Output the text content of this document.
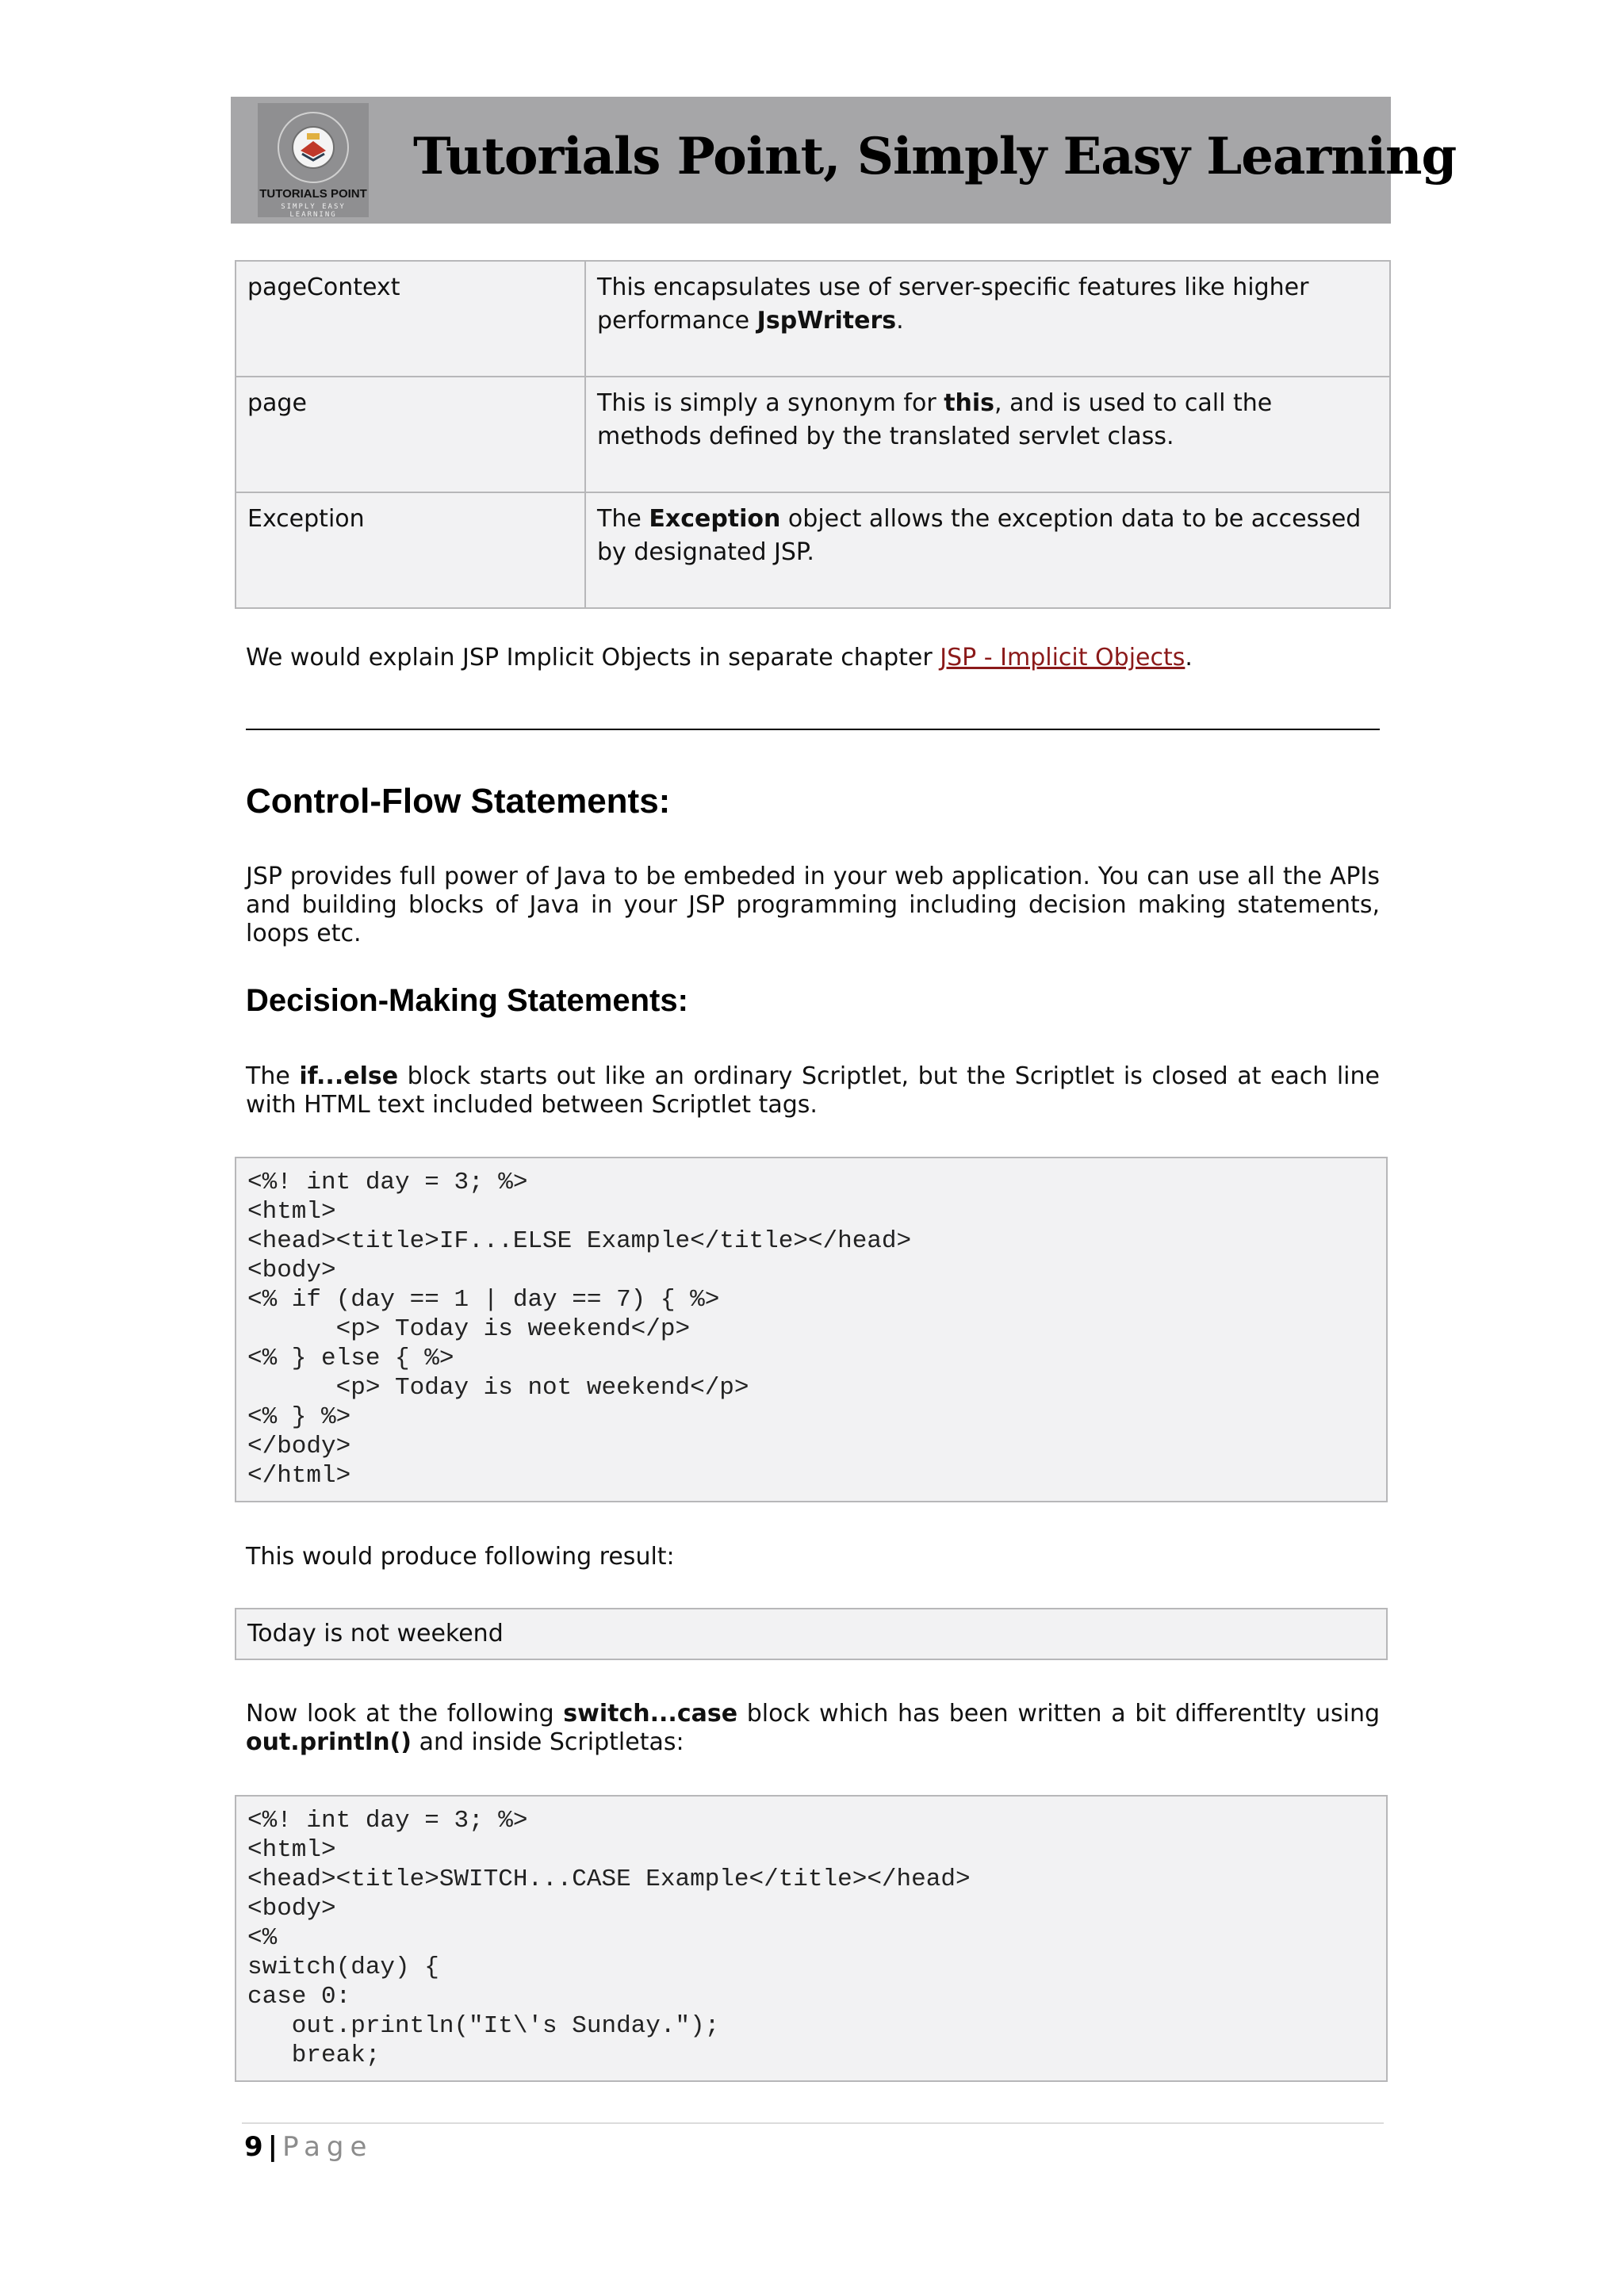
TUTORIALS POINT
SIMPLY EASY LEARNING
Tutorials Point, Simply Easy Learning
pageContext	This encapsulates use of server-specific features like higher performance JspWriters.
page	This is simply a synonym for this, and is used to call the methods defined by the translated servlet class.
Exception	The Exception object allows the exception data to be accessed by designated JSP.
We would explain JSP Implicit Objects in separate chapter JSP - Implicit Objects.
Control-Flow Statements:
JSP provides full power of Java to be embeded in your web application. You can use all the APIs and building blocks of Java in your JSP programming including decision making statements, loops etc.
Decision-Making Statements:
The if...else block starts out like an ordinary Scriptlet, but the Scriptlet is closed at each line with HTML text included between Scriptlet tags.
<%! int day = 3; %>
<html>
<head><title>IF...ELSE Example</title></head>
<body>
<% if (day == 1 | day == 7) { %>
<p> Today is weekend</p>
<% } else { %>
<p> Today is not weekend</p>
<% } %>
</body>
</html>
This would produce following result:
Today is not weekend
Now look at the following switch...case block which has been written a bit differentlty using out.println() and inside Scriptletas:
<%! int day = 3; %>
<html>
<head><title>SWITCH...CASE Example</title></head>
<body>
<%
switch(day) {
case 0:
out.println("It\'s Sunday.");
break;
9 | Page
